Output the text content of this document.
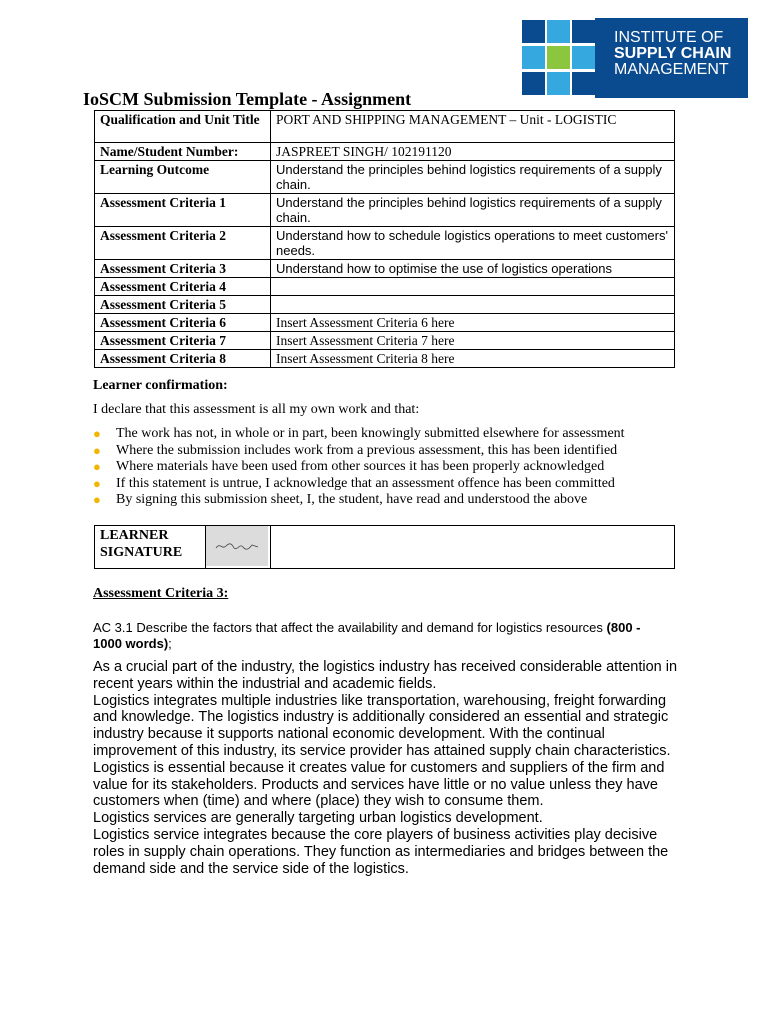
INSTITUTE OF
SUPPLY CHAIN
MANAGEMENT
IoSCM Submission Template - Assignment
Qualification and Unit Title	PORT AND SHIPPING MANAGEMENT – Unit - LOGISTIC
Name/Student Number:	JASPREET SINGH/ 102191120
Learning Outcome	Understand the principles behind logistics requirements of a supply chain.
Assessment Criteria 1	Understand the principles behind logistics requirements of a supply chain.
Assessment Criteria 2	Understand how to schedule logistics operations to meet customers' needs.
Assessment Criteria 3	Understand how to optimise the use of logistics operations
Assessment Criteria 4	
Assessment Criteria 5	
Assessment Criteria 6	Insert Assessment Criteria 6 here
Assessment Criteria 7	Insert Assessment Criteria 7 here
Assessment Criteria 8	Insert Assessment Criteria 8 here
Learner confirmation:
I declare that this assessment is all my own work and that:
● The work has not, in whole or in part, been knowingly submitted elsewhere for assessment
● Where the submission includes work from a previous assessment, this has been identified
● Where materials have been used from other sources it has been properly acknowledged
● If this statement is untrue, I acknowledge that an assessment offence has been committed
● By signing this submission sheet, I, the student, have read and understood the above
LEARNER SIGNATURE	

Assessment Criteria 3:
AC 3.1 Describe the factors that affect the availability and demand for logistics resources (800 - 1000 words);

As a crucial part of the industry, the logistics industry has received considerable attention in recent years within the industrial and academic fields.

Logistics integrates multiple industries like transportation, warehousing, freight forwarding and knowledge. The logistics industry is additionally considered an essential and strategic industry because it supports national economic development. With the continual improvement of this industry, its service provider has attained supply chain characteristics.

Logistics is essential because it creates value for customers and suppliers of the firm and value for its stakeholders. Products and services have little or no value unless they have customers when (time) and where (place) they wish to consume them.

Logistics services are generally targeting urban logistics development.

Logistics service integrates because the core players of business activities play decisive roles in supply chain operations. They function as intermediaries and bridges between the demand side and the service side of the logistics.
